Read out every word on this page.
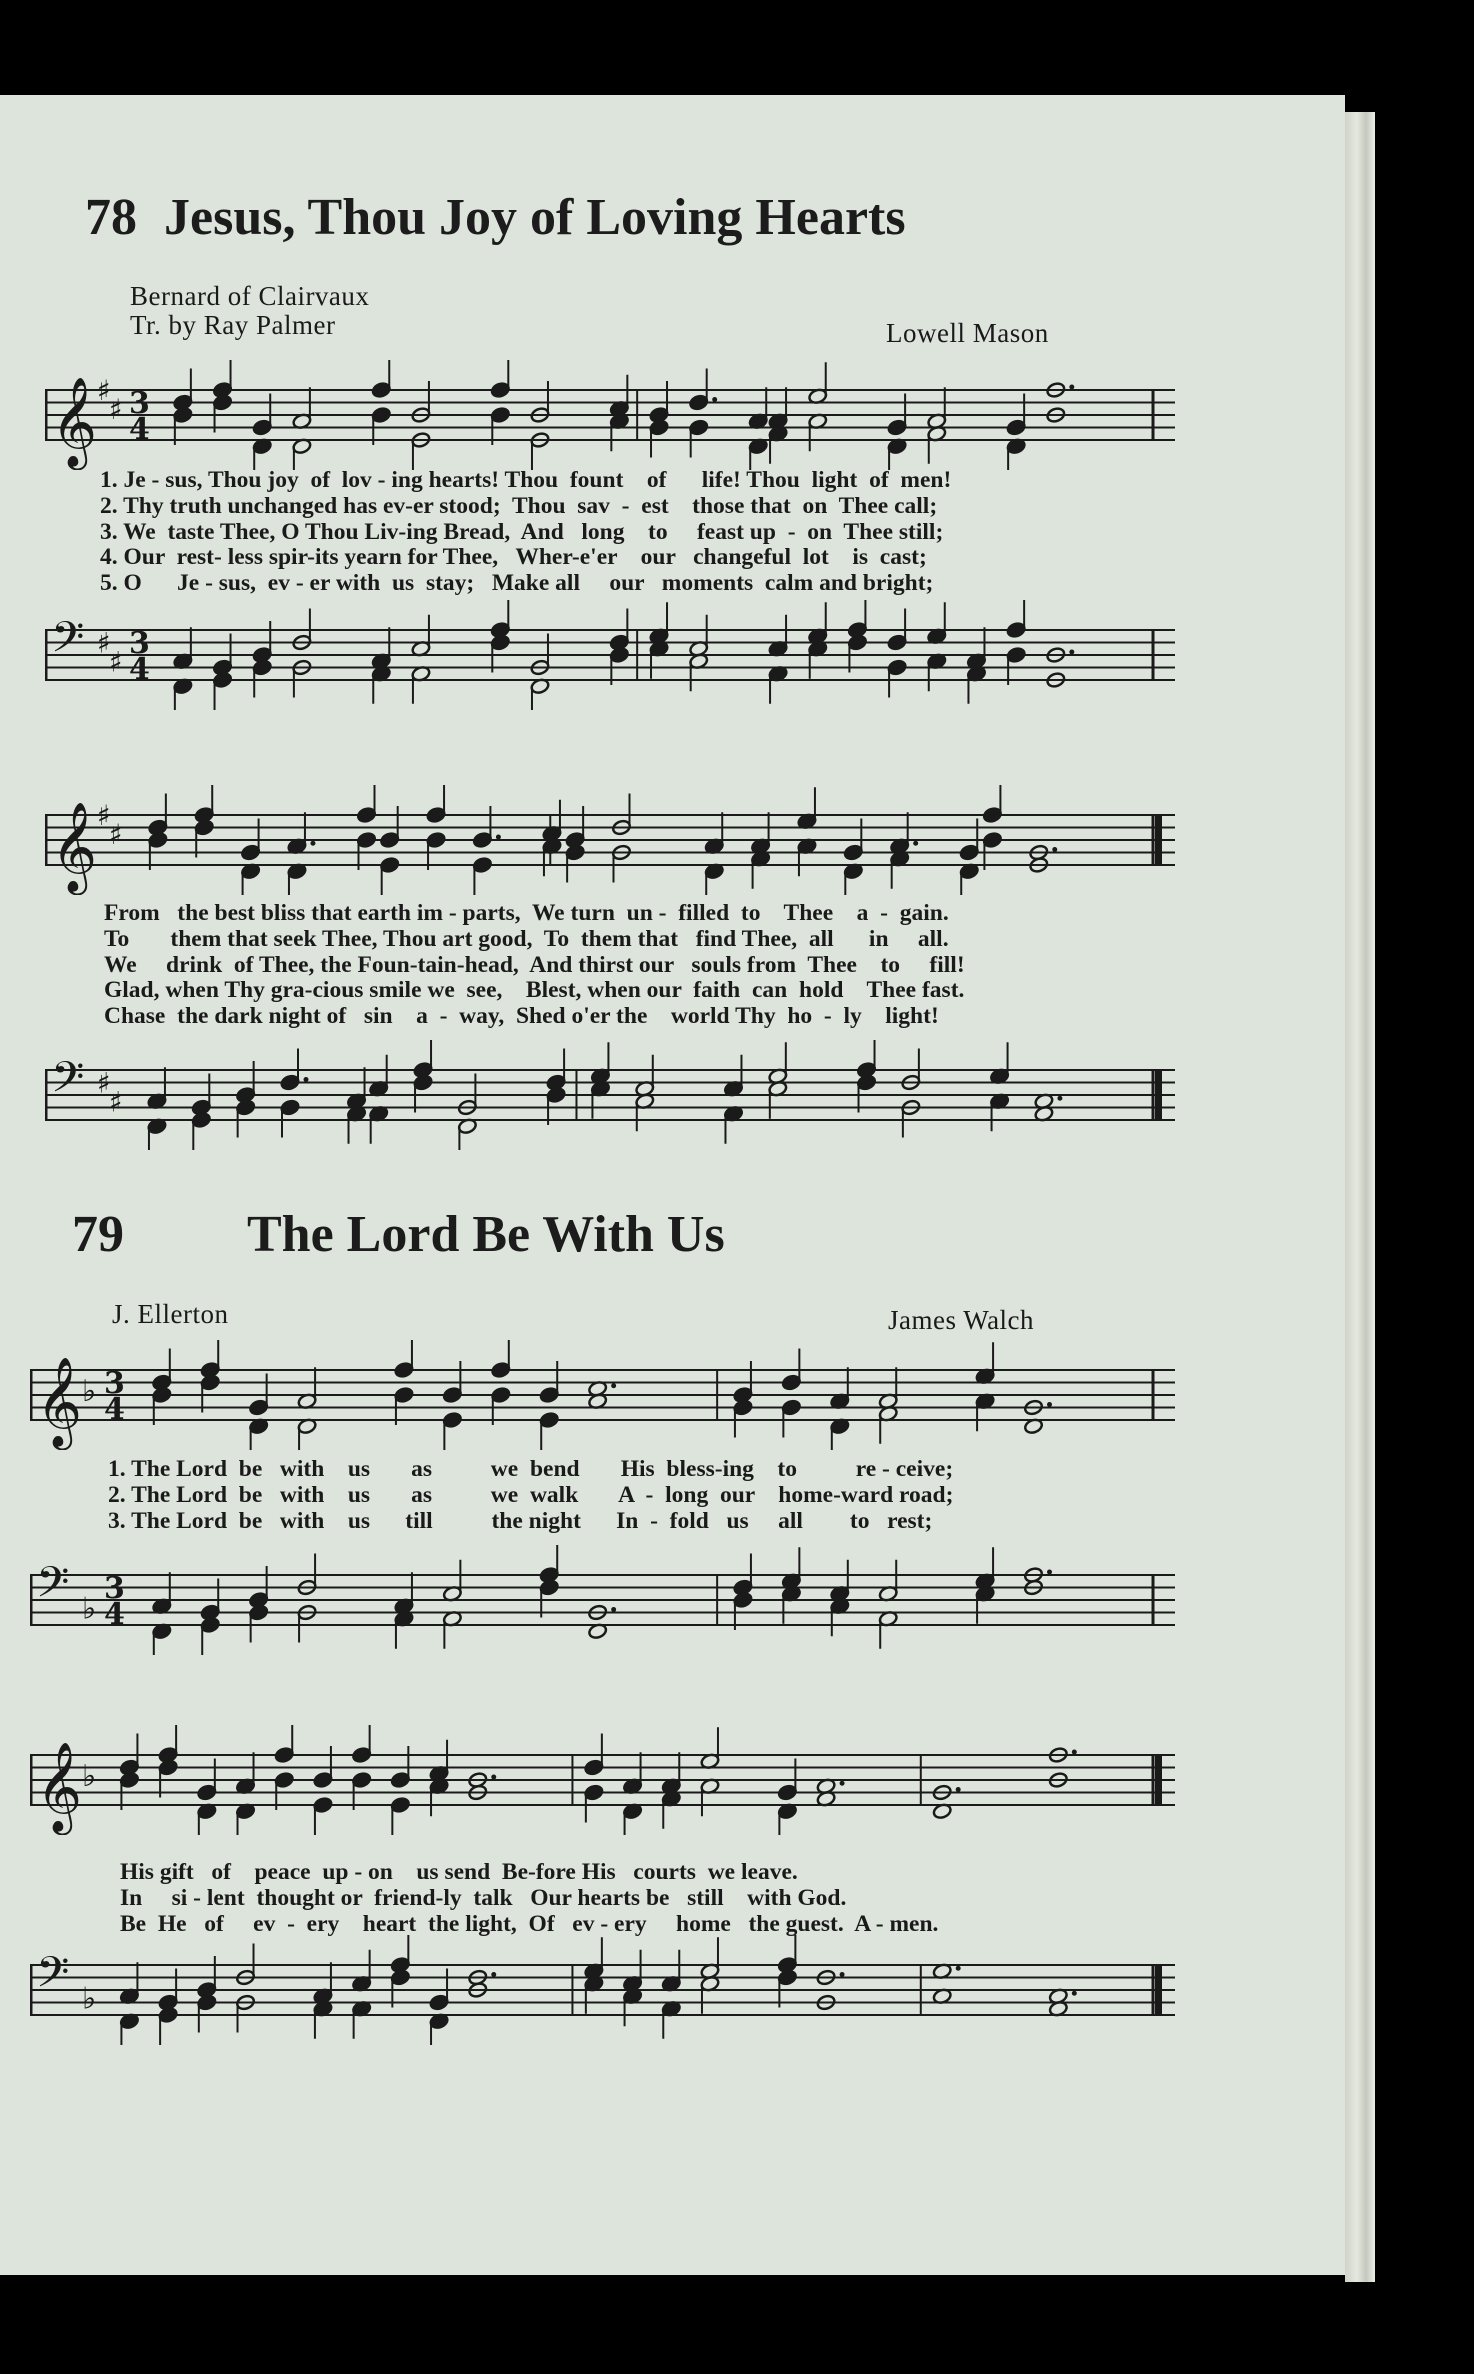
78 Jesus, Thou Joy of Loving Hearts
Bernard of Clairvaux
Tr. by Ray Palmer	Lowell Mason
𝄞 ♯
♯ 3
4
1. Je - sus, Thou joy  of  lov - ing hearts! Thou  fount    of      life! Thou  light  of  men!
2. Thy truth unchanged has ev-er stood;  Thou  sav  -  est    those that  on  Thee call;
3. We  taste Thee, O Thou Liv-ing Bread,  And   long    to     feast up  -  on  Thee still;
4. Our  rest- less spir-its yearn for Thee,   Wher-e'er    our   changeful  lot    is  cast;
5. O      Je - sus,  ev - er with  us  stay;   Make all     our   moments  calm and bright;
𝄢 ♯
♯
3
4
𝄞 ♯
♯
From   the best bliss that earth im - parts,  We turn  un -  filled  to    Thee    a  -  gain.
To       them that seek Thee, Thou art good,  To  them that   find Thee,  all      in     all.
We     drink  of Thee, the Foun-tain-head,  And thirst our   souls from  Thee    to     fill!
Glad, when Thy gra-cious smile we  see,    Blest, when our  faith  can  hold    Thee fast.
Chase  the dark night of   sin    a  -  way,  Shed o'er the    world Thy  ho  -  ly    light!
𝄢 ♯
♯
79 The Lord Be With Us
J. Ellerton	James Walch
𝄞 ♭ 3
4
1. The Lord  be   with    us       as          we  bend       His  bless-ing    to          re - ceive;
2. The Lord  be   with    us       as          we  walk       A  -  long  our    home-ward road;
3. The Lord  be   with    us      till          the night      In  -  fold   us     all        to   rest;
𝄢 ♭
3
4
𝄞 ♭
His gift   of    peace  up - on    us send  Be-fore His   courts  we leave.
In     si - lent  thought or  friend-ly  talk   Our hearts be   still    with God.
Be  He   of     ev  -  ery    heart  the light,  Of   ev - ery     home   the guest.  A - men.
𝄢 ♭
